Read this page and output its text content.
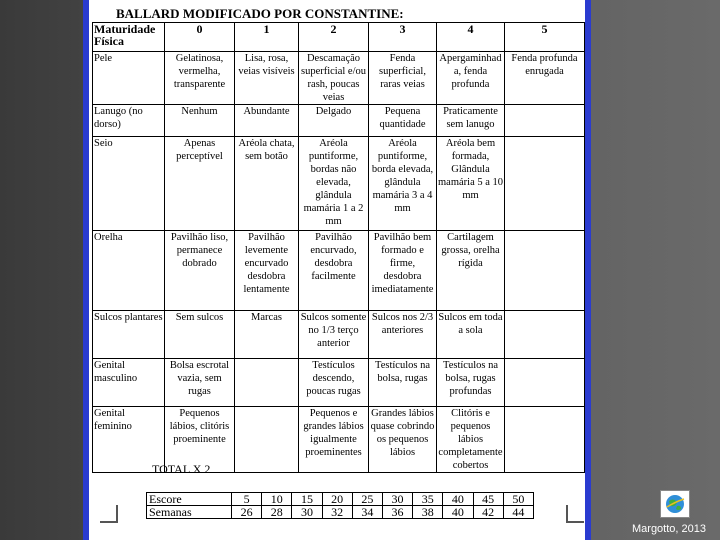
BALLARD MODIFICADO POR CONSTANTINE:
Maturidade
Física	0	1	2	3	4	5
Pele	Gelatinosa, vermelha, transparente	Lisa, rosa, veias visíveis	Descamação superficial e/ou rash, poucas veias	Fenda superficial, raras veias	Apergaminhad a, fenda profunda	Fenda profunda enrugada
Lanugo (no dorso)	Nenhum	Abundante	Delgado	Pequena quantidade	Praticamente sem lanugo	
Seio	Apenas perceptível	Aréola chata, sem botão	Aréola puntiforme, bordas não elevada, glândula mamária 1 a 2 mm	Aréola puntiforme, borda elevada, glândula mamária 3 a 4 mm	Aréola bem formada, Glândula mamária 5 a 10 mm	
Orelha	Pavilhão liso, permanece dobrado	Pavilhão levemente encurvado desdobra lentamente	Pavilhão encurvado, desdobra facilmente	Pavilhão bem formado e firme, desdobra imediatamente	Cartilagem grossa, orelha rígida	
Sulcos plantares	Sem sulcos	Marcas	Sulcos somente no 1/3 terço anterior	Sulcos nos 2/3 anteriores	Sulcos em toda a sola	
Genital masculino	Bolsa escrotal vazia, sem rugas		Testículos descendo, poucas rugas	Testículos na bolsa, rugas	Testículos na bolsa, rugas profundas	
Genital feminino	Pequenos lábios, clitóris proeminente		Pequenos e grandes lábios igualmente proeminentes	Grandes lábios quase cobrindo os pequenos lábios	Clitóris e pequenos lábios completamente cobertos	
TOTAL X 2
Escore	5	10	15	20	25	30	35	40	45	50
Semanas	26	28	30	32	34	36	38	40	42	44
Margotto, 2013
